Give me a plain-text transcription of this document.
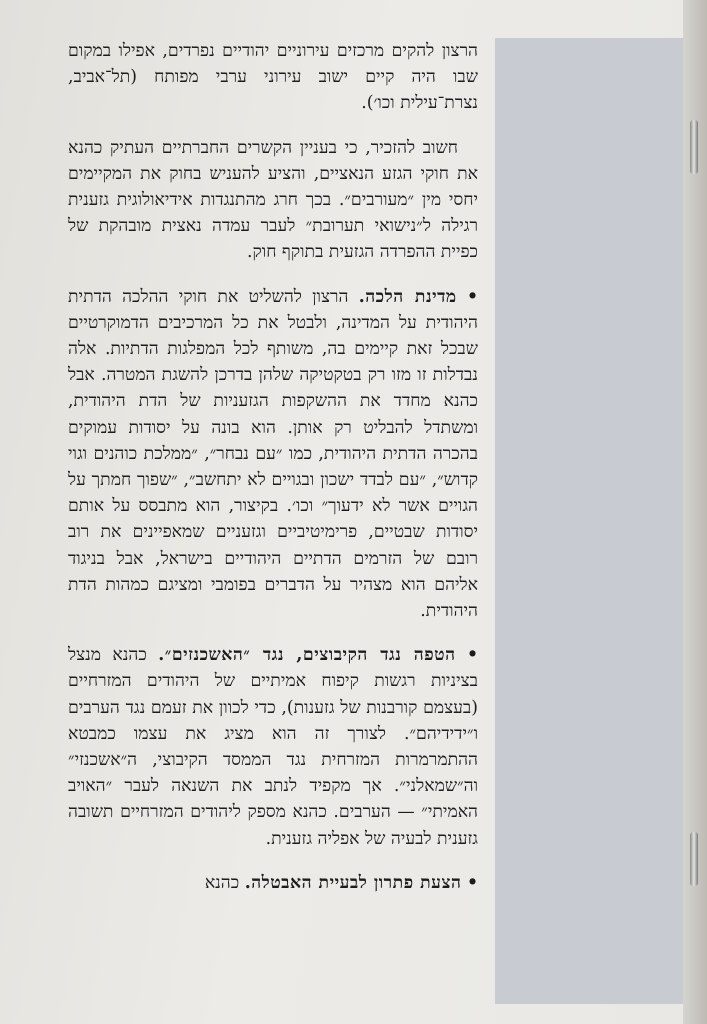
הרצון להקים מרכזים עירוניים יהודיים נפרדים, אפילו במקום שבו היה קיים ישוב עירוני ערבי מפותח (תל־אביב, נצרת־עילית וכו׳).

חשוב להזכיר, כי בעניין הקשרים החברתיים העתיק כהנא את חוקי הגזע הנאציים, והציע להעניש בחוק את המקיימים יחסי מין ״מעורבים״. בכך חרג מהתנגדות אידיאולוגית גזענית רגילה ל״נישואי תערובת״ לעבר עמדה נאצית מובהקת של כפיית ההפרדה הגזעית בתוקף חוק.

• מדינת הלכה. הרצון להשליט את חוקי ההלכה הדתית היהודית על המדינה, ולבטל את כל המרכיבים הדמוקרטיים שבכל זאת קיימים בה, משותף לכל המפלגות הדתיות. אלה נבדלות זו מזו רק בטקטיקה שלהן בדרכן להשגת המטרה. אבל כהנא מחדד את ההשקפות הגזעניות של הדת היהודית, ומשתדל להבליט רק אותן. הוא בונה על יסודות עמוקים בהכרה הדתית היהודית, כמו ״עם נבחר״, ״ממלכת כוהנים וגוי קדוש״, ״עם לבדד ישכון ובגויים לא יתחשב״, ״שפוך חמתך על הגויים אשר לא ידעוך״ וכו׳. בקיצור, הוא מתבסס על אותם יסודות שבטיים, פרימיטיביים וגזעניים שמאפיינים את רוב רובם של הזרמים הדתיים היהודיים בישראל, אבל בניגוד אליהם הוא מצהיר על הדברים בפומבי ומציגם כמהות הדת היהודית.

• הטפה נגד הקיבוצים, נגד ״האשכנזים״. כהנא מנצל בציניות רגשות קיפוח אמיתיים של היהודים המזרחיים (בעצמם קורבנות של גזענות), כדי לכוון את זעמם נגד הערבים ו״ידידיהם״. לצורך זה הוא מציג את עצמו כמבטא ההתמרמרות המזרחית נגד הממסד הקיבוצי, ה״אשכנזי״ וה״שמאלני״. אך מקפיד לנתב את השנאה לעבר ״האויב האמיתי״ — הערבים. כהנא מספק ליהודים המזרחיים תשובה גזענית לבעיה של אפליה גזענית.

• הצעת פתרון לבעיית האבטלה. כהנא
